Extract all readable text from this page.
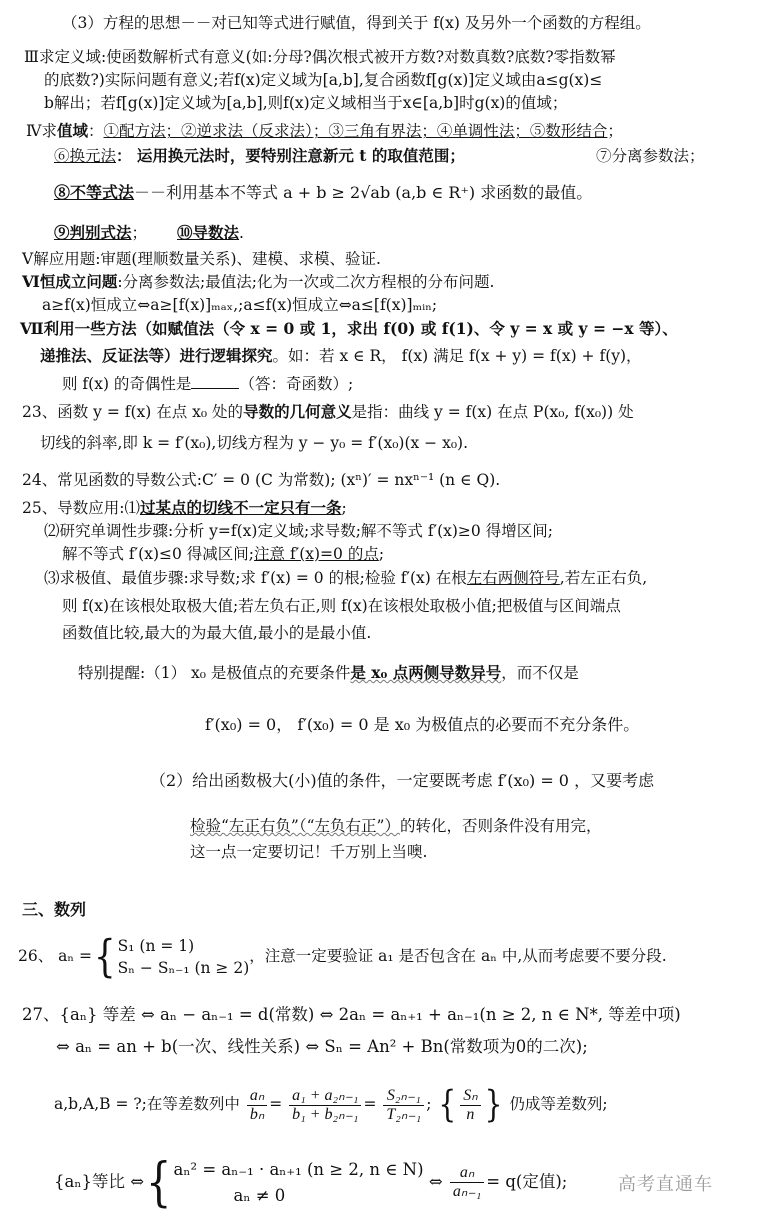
（3）方程的思想－－对已知等式进行赋值，得到关于 f(x) 及另外一个函数的方程组。
Ⅲ求定义域:使函数解析式有意义(如:分母?偶次根式被开方数?对数真数?底数?零指数幂
的底数?)实际问题有意义;若f(x)定义域为[a,b],复合函数f[g(x)]定义域由a≤g(x)≤
b解出；若f[g(x)]定义域为[a,b],则f(x)定义域相当于x∈[a,b]时g(x)的值域；
Ⅳ求值域：①配方法；②逆求法（反求法）；③三角有界法；④单调性法；⑤数形结合；
⑥换元法： 运用换元法时，要特别注意新元 t 的取值范围；	⑦分离参数法；
⑧不等式法－－利用基本不等式 a + b ≥ 2√ab (a,b ∈ R⁺) 求函数的最值。
⑨判别式法； ⑩导数法.
Ⅴ解应用题:审题(理顺数量关系)、建模、求模、验证.
Ⅵ恒成立问题:分离参数法;最值法;化为一次或二次方程根的分布问题.
a≥f(x)恒成立⇔a≥[f(x)]ₘₐₓ,;a≤f(x)恒成立⇔a≤[f(x)]ₘᵢₙ;
Ⅶ利用一些方法（如赋值法（令 x = 0 或 1，求出 f(0) 或 f(1)、令 y = x 或 y = −x 等）、
递推法、反证法等）进行逻辑探究。如：若 x ∈ R， f(x) 满足 f(x + y) = f(x) + f(y)，
则 f(x) 的奇偶性是	（答：奇函数）;
23、函数 y = f(x) 在点 x₀ 处的导数的几何意义是指：曲线 y = f(x) 在点 P(x₀, f(x₀)) 处
切线的斜率,即 k = f′(x₀),切线方程为 y − y₀ = f′(x₀)(x − x₀).
24、常见函数的导数公式:C′ = 0 (C 为常数); (xⁿ)′ = nxⁿ⁻¹ (n ∈ Q).
25、导数应用:⑴过某点的切线不一定只有一条;
⑵研究单调性步骤:分析 y=f(x)定义域;求导数;解不等式 f′(x)≥0 得增区间;
解不等式 f′(x)≤0 得减区间;注意 f′(x)=0 的点;
⑶求极值、最值步骤:求导数;求 f′(x) = 0 的根;检验 f′(x) 在根左右两侧符号,若左正右负,
则 f(x)在该根处取极大值;若左负右正,则 f(x)在该根处取极小值;把极值与区间端点
函数值比较,最大的为最大值,最小的是最小值.
特别提醒:（1） x₀ 是极值点的充要条件是 x₀ 点两侧导数异号，而不仅是
f′(x₀) = 0， f′(x₀) = 0 是 x₀ 为极值点的必要而不充分条件。
（2）给出函数极大(小)值的条件，一定要既考虑 f′(x₀) = 0 ，又要考虑
检验“左正右负”（“左负右正”）的转化，否则条件没有用完，
这一点一定要切记！千万别上当噢.
三、数列
26、 aₙ ={ S₁ (n = 1)
Sₙ − Sₙ₋₁ (n ≥ 2)
，注意一定要验证 a₁ 是否包含在 aₙ 中,从而考虑要不要分段.
27、{aₙ} 等差 ⇔ aₙ − aₙ₋₁ = d(常数) ⇔ 2aₙ = aₙ₊₁ + aₙ₋₁(n ≥ 2, n ∈ N*, 等差中项)
⇔ aₙ = an + b(一次、线性关系) ⇔ Sₙ = An² + Bn(常数项为0的二次);
a,b,A,B = ?;在等差数列中 $\frac{\text{aₙ}}{\text{bₙ}} = \frac{\text{a₁ + a₂ₙ₋₁}}{\text{b₁ + b₂ₙ₋₁}} = \frac{\text{S₂ₙ₋₁}}{\text{T₂ₙ₋₁}}$ ; { $\frac{\text{Sₙ}}{n}$ } 仍成等差数列;
{aₙ}等比 ⇔{ aₙ² = aₙ₋₁ · aₙ₊₁ (n ≥ 2, n ∈ N)
aₙ ≠ 0
⇔ $\frac{\text{aₙ}}{\text{aₙ₋₁}} = q$(定值);	高考直通车
